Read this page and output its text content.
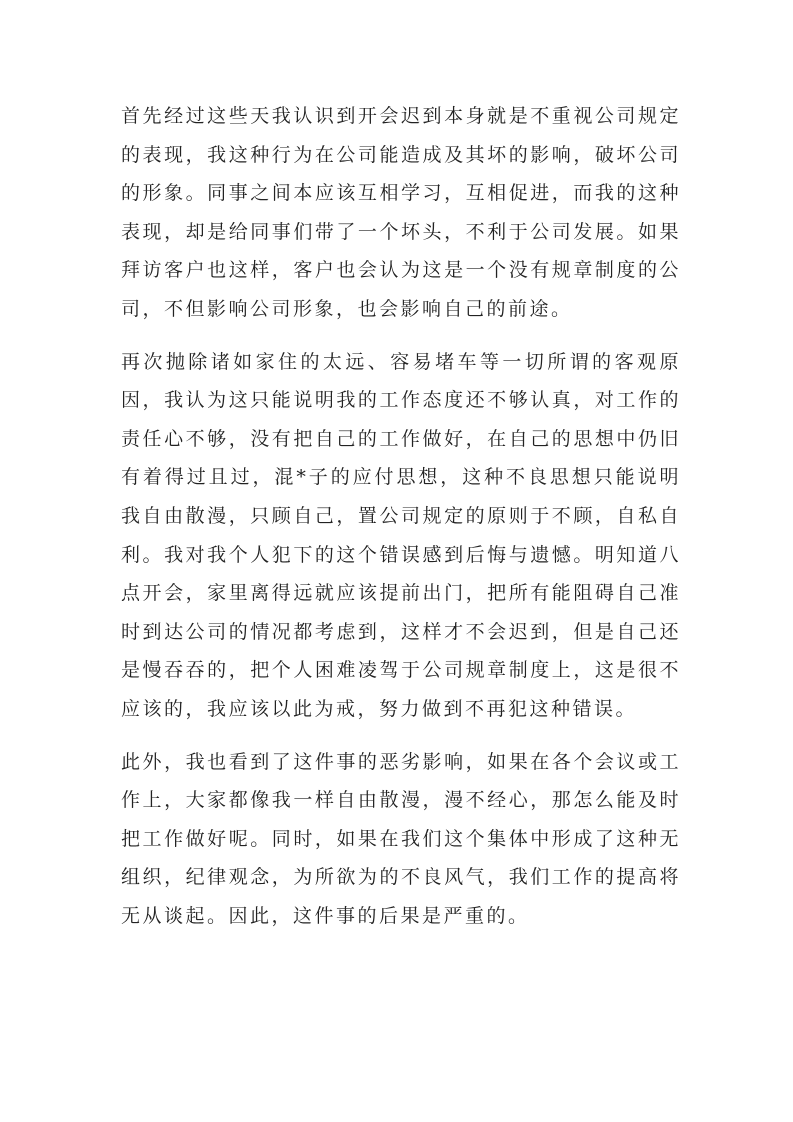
首先经过这些天我认识到开会迟到本身就是不重视公司规定的表现，我这种行为在公司能造成及其坏的影响，破坏公司的形象。同事之间本应该互相学习，互相促进，而我的这种表现，却是给同事们带了一个坏头，不利于公司发展。如果拜访客户也这样，客户也会认为这是一个没有规章制度的公司，不但影响公司形象，也会影响自己的前途。

再次抛除诸如家住的太远、容易堵车等一切所谓的客观原因，我认为这只能说明我的工作态度还不够认真，对工作的责任心不够，没有把自己的工作做好，在自己的思想中仍旧有着得过且过，混*子的应付思想，这种不良思想只能说明我自由散漫，只顾自己，置公司规定的原则于不顾，自私自利。我对我个人犯下的这个错误感到后悔与遗憾。明知道八点开会，家里离得远就应该提前出门，把所有能阻碍自己准时到达公司的情况都考虑到，这样才不会迟到，但是自己还是慢吞吞的，把个人困难凌驾于公司规章制度上，这是很不应该的，我应该以此为戒，努力做到不再犯这种错误。

此外，我也看到了这件事的恶劣影响，如果在各个会议或工作上，大家都像我一样自由散漫，漫不经心，那怎么能及时把工作做好呢。同时，如果在我们这个集体中形成了这种无组织，纪律观念，为所欲为的不良风气，我们工作的提高将无从谈起。因此，这件事的后果是严重的。
